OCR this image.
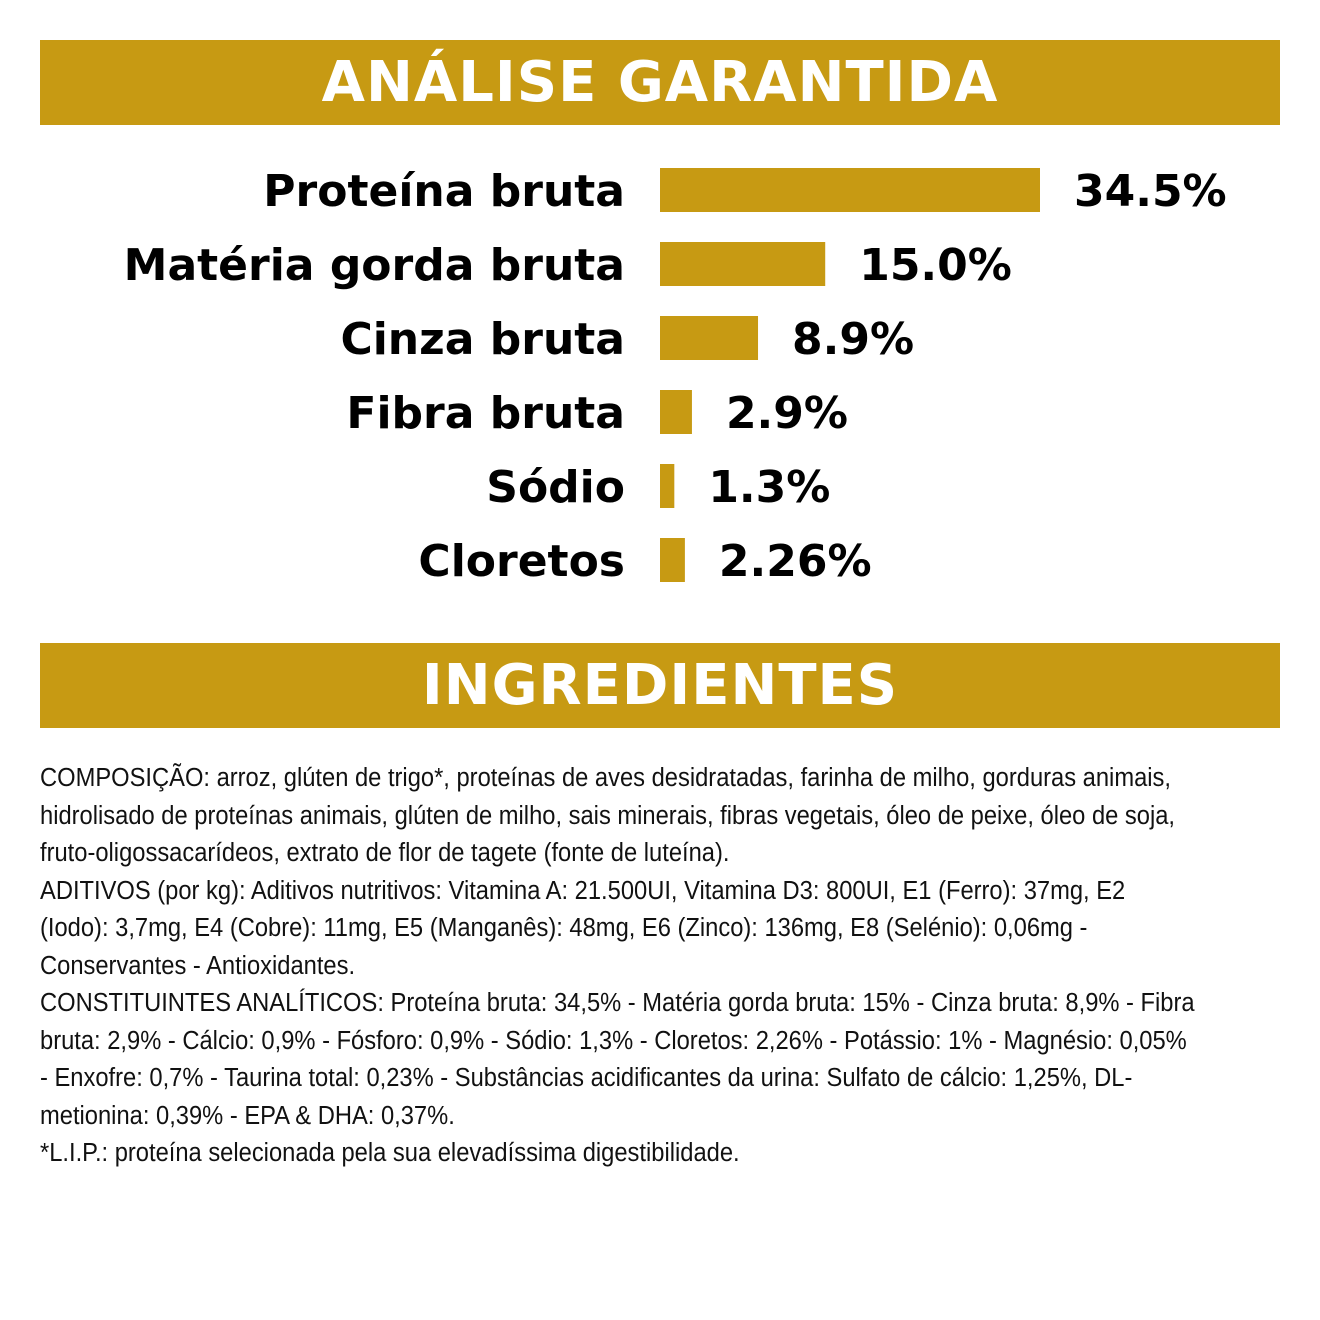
ANÁLISE GARANTIDA
Proteína bruta	34.5%
Matéria gorda bruta	15.0%
Cinza bruta	8.9%
Fibra bruta 2.9%
Sódio 1.3%
Cloretos 2.26%
INGREDIENTES

COMPOSIÇÃO: arroz, glúten de trigo*, proteínas de aves desidratadas, farinha de milho, gorduras animais, hidrolisado de proteínas animais, glúten de milho, sais minerais, fibras vegetais, óleo de peixe, óleo de soja, fruto-oligossacarídeos, extrato de flor de tagete (fonte de luteína).

ADITIVOS (por kg): Aditivos nutritivos: Vitamina A: 21.500UI, Vitamina D3: 800UI, E1 (Ferro): 37mg, E2 (Iodo): 3,7mg, E4 (Cobre): 11mg, E5 (Manganês): 48mg, E6 (Zinco): 136mg, E8 (Selénio): 0,06mg - Conservantes - Antioxidantes.

CONSTITUINTES ANALÍTICOS: Proteína bruta: 34,5% - Matéria gorda bruta: 15% - Cinza bruta: 8,9% - Fibra bruta: 2,9% - Cálcio: 0,9% - Fósforo: 0,9% - Sódio: 1,3% - Cloretos: 2,26% - Potássio: 1% - Magnésio: 0,05% - Enxofre: 0,7% - Taurina total: 0,23% - Substâncias acidificantes da urina: Sulfato de cálcio: 1,25%, DL-metionina: 0,39% - EPA & DHA: 0,37%.

*L.I.P.: proteína selecionada pela sua elevadíssima digestibilidade.
